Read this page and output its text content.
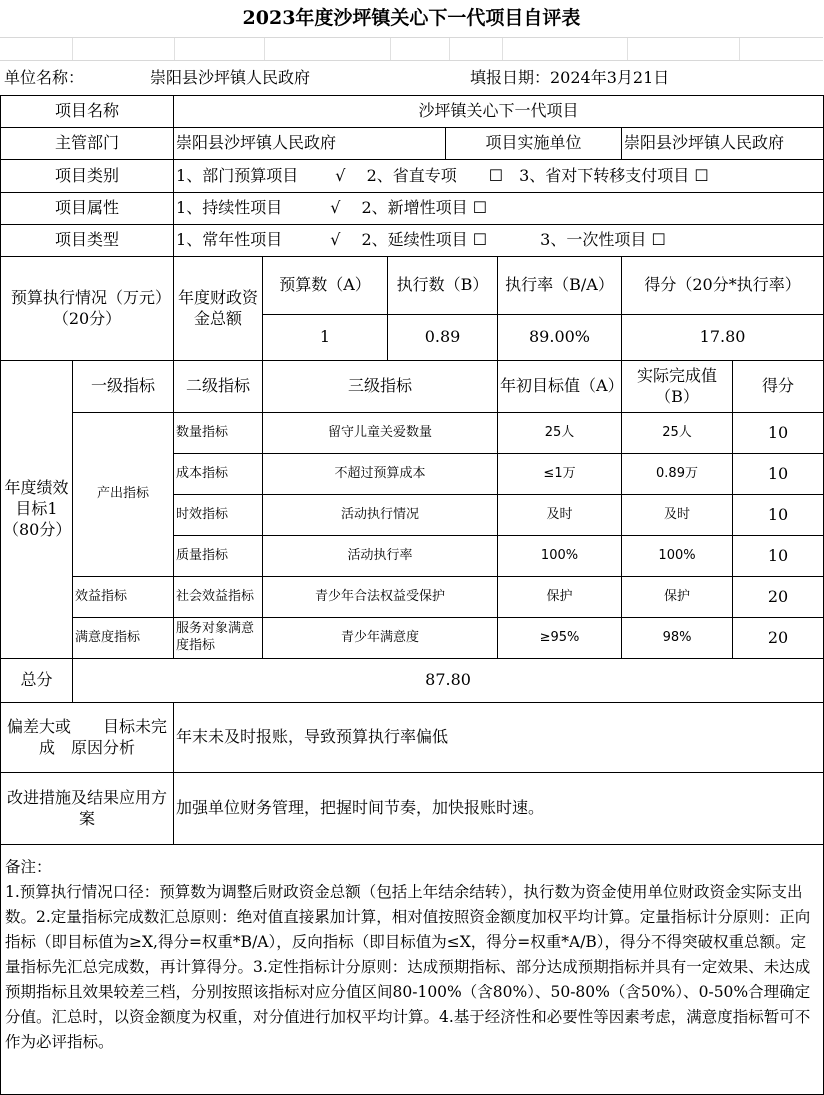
2023年度沙坪镇关心下一代项目自评表
单位名称：	崇阳县沙坪镇人民政府	填报日期：2024年3月21日
项目名称		沙坪镇关心下一代项目						
主管部门		崇阳县沙坪镇人民政府			项目实施单位		崇阳县沙坪镇人民政府	
项目类别		1、部门预算项目　　 √　 2、省直专项　　☐　3、省对下转移支付项目 ☐						
项目属性		1、持续性项目　　　√　 2、新增性项目 ☐						
项目类型		1、常年性项目　　　√　 2、延续性项目 ☐　　　 3、一次性项目 ☐						
预算执行情况（万元）　（20分）		年度财政资金总额	预算数（A）	执行数（B）		执行率（B/A）	得分（20分*执行率）	
			1	0.89		89.00%	17.80	
年度绩效目标1（80分）	一级指标	二级指标	三级指标			年初目标值（A）	实际完成值（B）	得分
	产出指标	数量指标	留守儿童关爱数量			25人	25人	10
		成本指标	不超过预算成本			≤1万	0.89万	10
		时效指标	活动执行情况			及时	及时	10
		质量指标	活动执行率			100%	100%	10
	效益指标	社会效益指标	青少年合法权益受保护			保护	保护	20
	满意度指标	服务对象满意度指标	青少年满意度			≥95%	98%	20
总分	87.80							
偏差大或　　目标未完成　原因分析		年末未及时报账，导致预算执行率偏低						
改进措施及结果应用方案		加强单位财务管理，把握时间节奏，加快报账时速。						

备注：
1.预算执行情况口径：预算数为调整后财政资金总额（包括上年结余结转），执行数为资金使用单位财政资金实际支出数。2.定量指标完成数汇总原则：绝对值直接累加计算，相对值按照资金额度加权平均计算。定量指标计分原则：正向指标（即目标值为≥X,得分=权重*B/A），反向指标（即目标值为≤X，得分=权重*A/B），得分不得突破权重总额。定量指标先汇总完成数，再计算得分。3.定性指标计分原则：达成预期指标、部分达成预期指标并具有一定效果、未达成预期指标且效果较差三档，分别按照该指标对应分值区间80-100%（含80%）、50-80%（含50%）、0-50%合理确定分值。汇总时，以资金额度为权重，对分值进行加权平均计算。4.基于经济性和必要性等因素考虑，满意度指标暂可不作为必评指标。								
